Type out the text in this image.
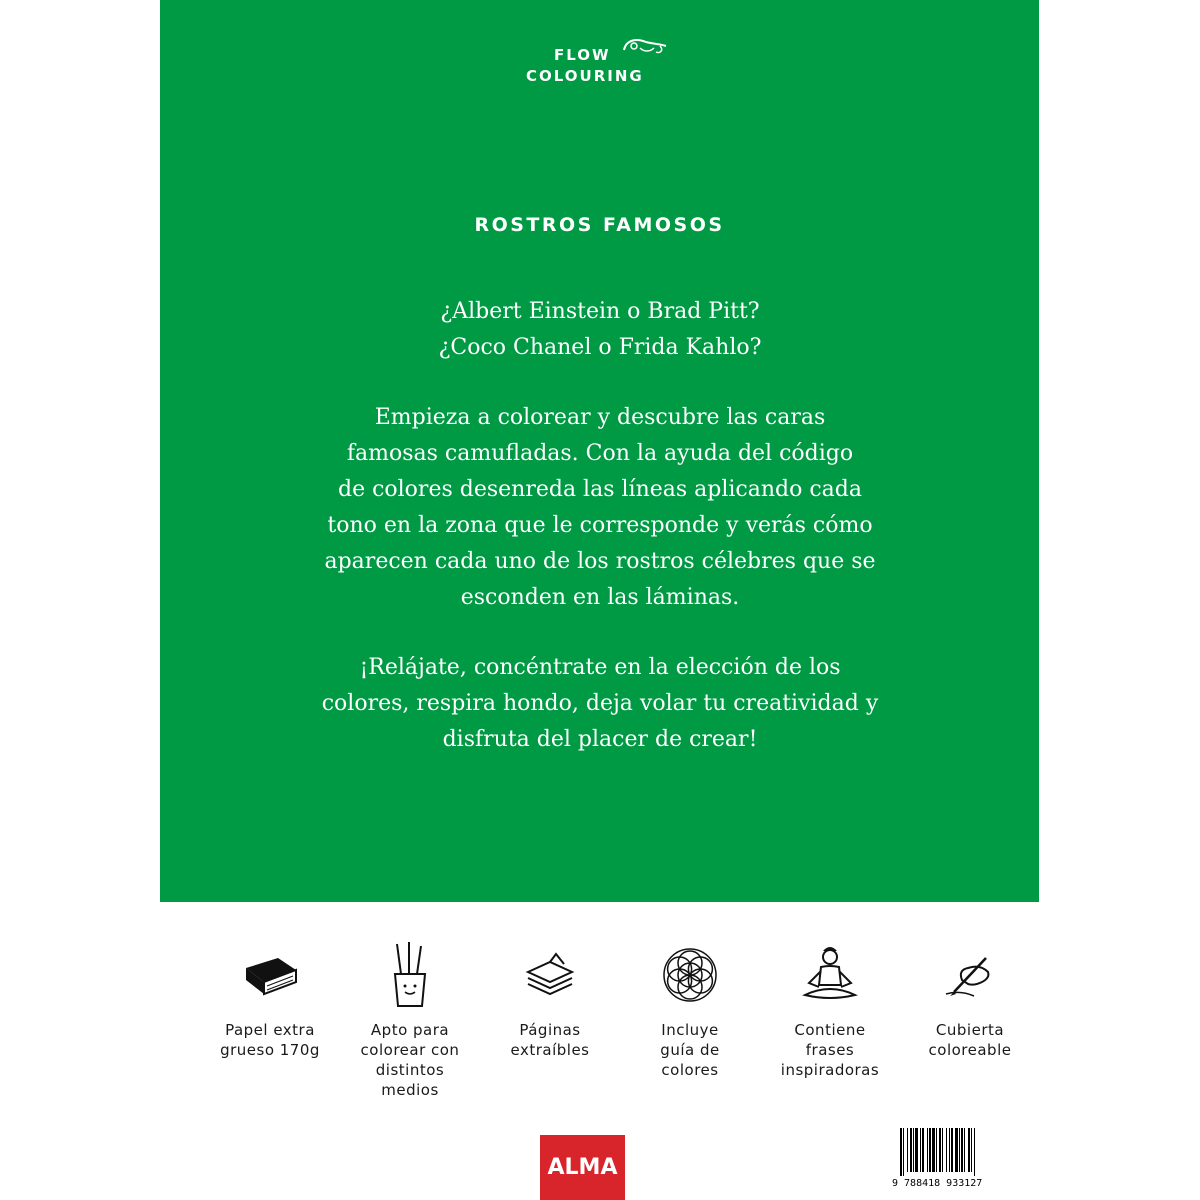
FLOW
COLOURING
ROSTROS FAMOSOS
¿Albert Einstein o Brad Pitt?
¿Coco Chanel o Frida Kahlo?
Empieza a colorear y descubre las caras
famosas camufladas. Con la ayuda del código
de colores desenreda las líneas aplicando cada
tono en la zona que le corresponde y verás cómo
aparecen cada uno de los rostros célebres que se
esconden en las láminas.
¡Relájate, concéntrate en la elección de los
colores, respira hondo, deja volar tu creatividad y
disfruta del placer de crear!
Papel extra
grueso 170g
Apto para
colorear con
distintos
medios
Páginas
extraíbles
Incluye
guía de
colores
Contiene
frases
inspiradoras
Cubierta
coloreable
ALMA
9 788418 933127
